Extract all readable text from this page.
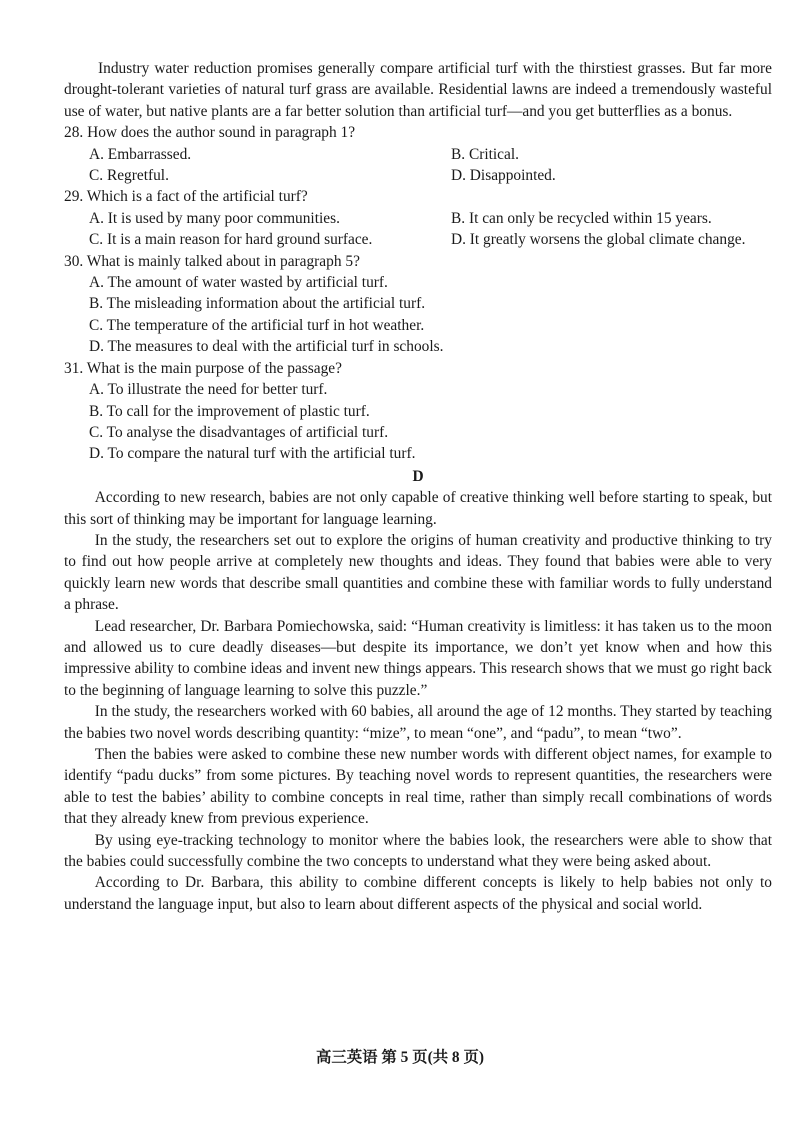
Industry water reduction promises generally compare artificial turf with the thirstiest grasses. But far more drought-tolerant varieties of natural turf grass are available. Residential lawns are indeed a tremendously wasteful use of water, but native plants are a far better solution than artificial turf—and you get butterflies as a bonus.

28. How does the author sound in paragraph 1?

A. Embarrassed.	B. Critical.
C. Regretful.	D. Disappointed.

29. Which is a fact of the artificial turf?

A. It is used by many poor communities.	B. It can only be recycled within 15 years.
C. It is a main reason for hard ground surface.	D. It greatly worsens the global climate change.

30. What is mainly talked about in paragraph 5?

A. The amount of water wasted by artificial turf.

B. The misleading information about the artificial turf.

C. The temperature of the artificial turf in hot weather.

D. The measures to deal with the artificial turf in schools.

31. What is the main purpose of the passage?

A. To illustrate the need for better turf.

B. To call for the improvement of plastic turf.

C. To analyse the disadvantages of artificial turf.

D. To compare the natural turf with the artificial turf.

D

According to new research, babies are not only capable of creative thinking well before starting to speak, but this sort of thinking may be important for language learning.

In the study, the researchers set out to explore the origins of human creativity and productive thinking to try to find out how people arrive at completely new thoughts and ideas. They found that babies were able to very quickly learn new words that describe small quantities and combine these with familiar words to fully understand a phrase.

Lead researcher, Dr. Barbara Pomiechowska, said: “Human creativity is limitless: it has taken us to the moon and allowed us to cure deadly diseases—but despite its importance, we don’t yet know when and how this impressive ability to combine ideas and invent new things appears. This research shows that we must go right back to the beginning of language learning to solve this puzzle.”

In the study, the researchers worked with 60 babies, all around the age of 12 months. They started by teaching the babies two novel words describing quantity: “mize”, to mean “one”, and “padu”, to mean “two”.

Then the babies were asked to combine these new number words with different object names, for example to identify “padu ducks” from some pictures. By teaching novel words to represent quantities, the researchers were able to test the babies’ ability to combine concepts in real time, rather than simply recall combinations of words that they already knew from previous experience.

By using eye-tracking technology to monitor where the babies look, the researchers were able to show that the babies could successfully combine the two concepts to understand what they were being asked about.

According to Dr. Barbara, this ability to combine different concepts is likely to help babies not only to understand the language input, but also to learn about different aspects of the physical and social world.

高三英语 第 5 页(共 8 页)
